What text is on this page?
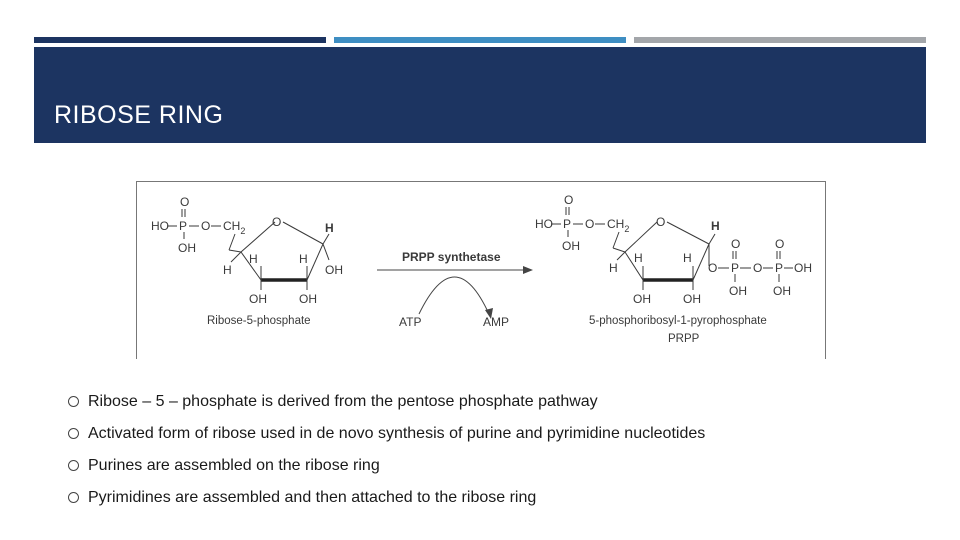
RIBOSE RING
HO P
O
OH
O $CH_2$
O
H
H	H
H
OH
OH	OH
Ribose-5-phosphate
PRPP synthetase
ATP	AMP
HO P
O
OH
O $CH_2$ O
H
H	H
H
OH	OH
O P
O
OH
O P
O
OH
OH
5-phosphoribosyl-1-pyrophosphate
PRPP
Ribose – 5 – phosphate is derived from the pentose phosphate pathway
Activated form of ribose used in de novo synthesis of purine and pyrimidine nucleotides
Purines are assembled on the ribose ring
Pyrimidines are assembled and then attached to the ribose ring
